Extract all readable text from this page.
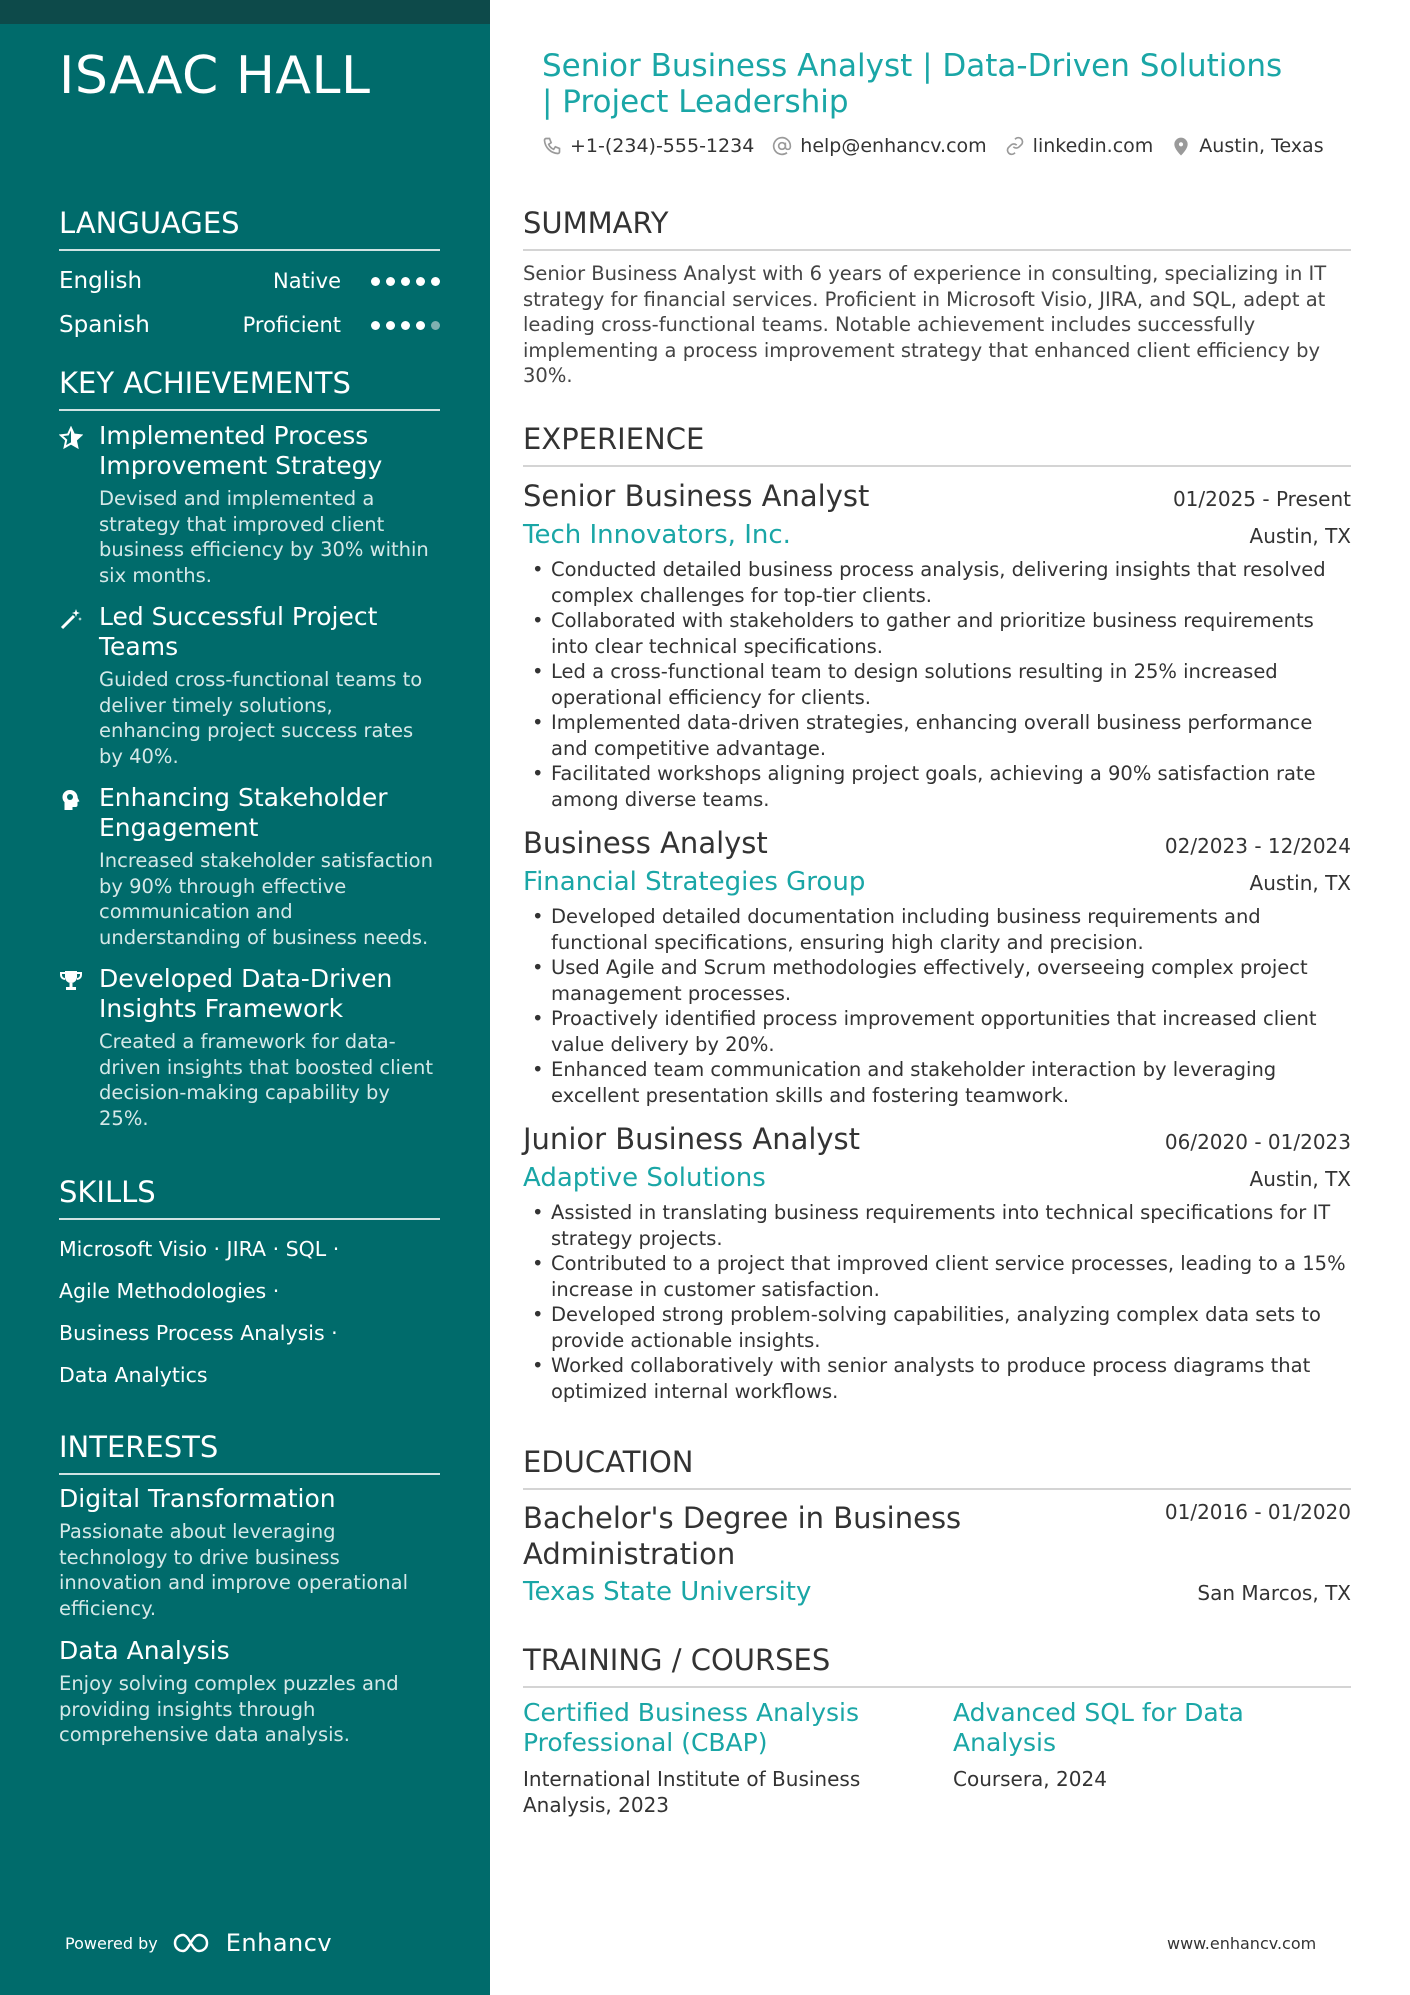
ISAAC HALL
LANGUAGES
English	Native
Spanish	Proficient
KEY ACHIEVEMENTS
Implemented Process Improvement Strategy
Devised and implemented a strategy that improved client business efficiency by 30% within six months.
Led Successful Project Teams
Guided cross-functional teams to deliver timely solutions, enhancing project success rates by 40%.
Enhancing Stakeholder Engagement
Increased stakeholder satisfaction by 90% through effective communication and understanding of business needs.
Developed Data-Driven Insights Framework
Created a framework for data-driven insights that boosted client decision-making capability by 25%.
SKILLS
Microsoft Visio · JIRA · SQL ·
Agile Methodologies ·
Business Process Analysis ·
Data Analytics
INTERESTS
Digital Transformation
Passionate about leveraging technology to drive business innovation and improve operational efficiency.
Data Analysis
Enjoy solving complex puzzles and providing insights through comprehensive data analysis.
Powered by	Enhancv
Senior Business Analyst | Data-Driven Solutions | Project Leadership
+1-(234)-555-1234 help@enhancv.com linkedin.com Austin, Texas
SUMMARY
Senior Business Analyst with 6 years of experience in consulting, specializing in IT strategy for financial services. Proficient in Microsoft Visio, JIRA, and SQL, adept at leading cross-functional teams. Notable achievement includes successfully implementing a process improvement strategy that enhanced client efficiency by 30%.
EXPERIENCE
Senior Business Analyst	01/2025 - Present
Tech Innovators, Inc.	Austin, TX
• Conducted detailed business process analysis, delivering insights that resolved complex challenges for top-tier clients.
• Collaborated with stakeholders to gather and prioritize business requirements into clear technical specifications.
• Led a cross-functional team to design solutions resulting in 25% increased operational efficiency for clients.
• Implemented data-driven strategies, enhancing overall business performance and competitive advantage.
• Facilitated workshops aligning project goals, achieving a 90% satisfaction rate among diverse teams.
Business Analyst	02/2023 - 12/2024
Financial Strategies Group	Austin, TX
• Developed detailed documentation including business requirements and functional specifications, ensuring high clarity and precision.
• Used Agile and Scrum methodologies effectively, overseeing complex project management processes.
• Proactively identified process improvement opportunities that increased client value delivery by 20%.
• Enhanced team communication and stakeholder interaction by leveraging excellent presentation skills and fostering teamwork.
Junior Business Analyst	06/2020 - 01/2023
Adaptive Solutions	Austin, TX
• Assisted in translating business requirements into technical specifications for IT strategy projects.
• Contributed to a project that improved client service processes, leading to a 15% increase in customer satisfaction.
• Developed strong problem-solving capabilities, analyzing complex data sets to provide actionable insights.
• Worked collaboratively with senior analysts to produce process diagrams that optimized internal workflows.
EDUCATION
Bachelor's Degree in Business Administration
01/2016 - 01/2020
Texas State University	San Marcos, TX
TRAINING / COURSES
Certified Business Analysis Professional (CBAP)
International Institute of Business Analysis, 2023
Advanced SQL for Data Analysis
Coursera, 2024
www.enhancv.com
